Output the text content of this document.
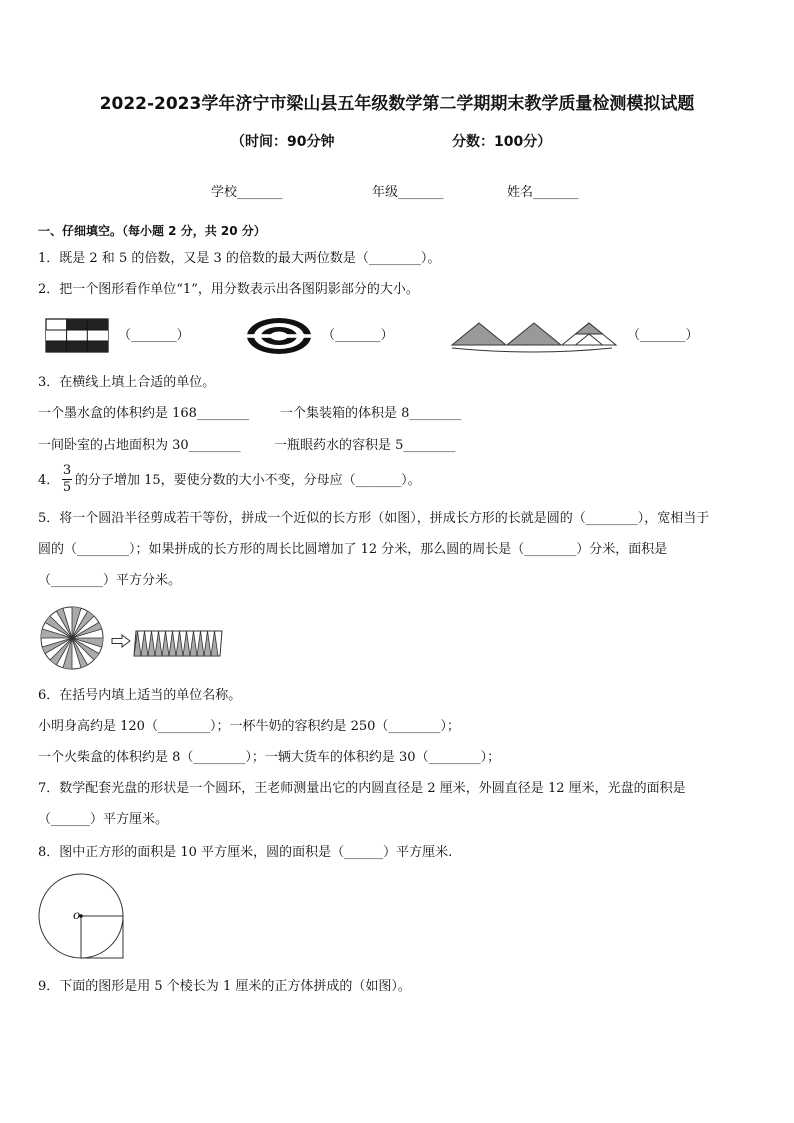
2022-2023学年济宁市梁山县五年级数学第二学期期末教学质量检测模拟试题
（时间：90分钟	分数：100分）
学校_______	年级_______	姓名_______
一、仔细填空。（每小题 2 分，共 20 分）
1．既是 2 和 5 的倍数，又是 3 的倍数的最大两位数是（________）。
2．把一个图形看作单位“1”，用分数表示出各图阴影部分的大小。
（_______）	（_______）	（_______）
3．在横线上填上合适的单位。
一个墨水盒的体积约是 168________ 一个集装箱的体积是 8________
一间卧室的占地面积为 30________	一瓶眼药水的容积是 5________
4．
3
5 的分子增加 15，要使分数的大小不变，分母应（_______）。
5．将一个圆沿半径剪成若干等份，拼成一个近似的长方形（如图），拼成长方形的长就是圆的（________），宽相当于
圆的（________）；如果拼成的长方形的周长比圆增加了 12 分米，那么圆的周长是（________）分米，面积是
（________）平方分米。
6．在括号内填上适当的单位名称。
小明身高约是 120（________）；一杯牛奶的容积约是 250（________）；
一个火柴盒的体积约是 8（________）；一辆大货车的体积约是 30（________）；
7．数学配套光盘的形状是一个圆环，王老师测量出它的内圆直径是 2 厘米，外圆直径是 12 厘米，光盘的面积是
（______）平方厘米。
8．图中正方形的面积是 10 平方厘米，圆的面积是（______）平方厘米.
o
9．下面的图形是用 5 个棱长为 1 厘米的正方体拼成的（如图）。
